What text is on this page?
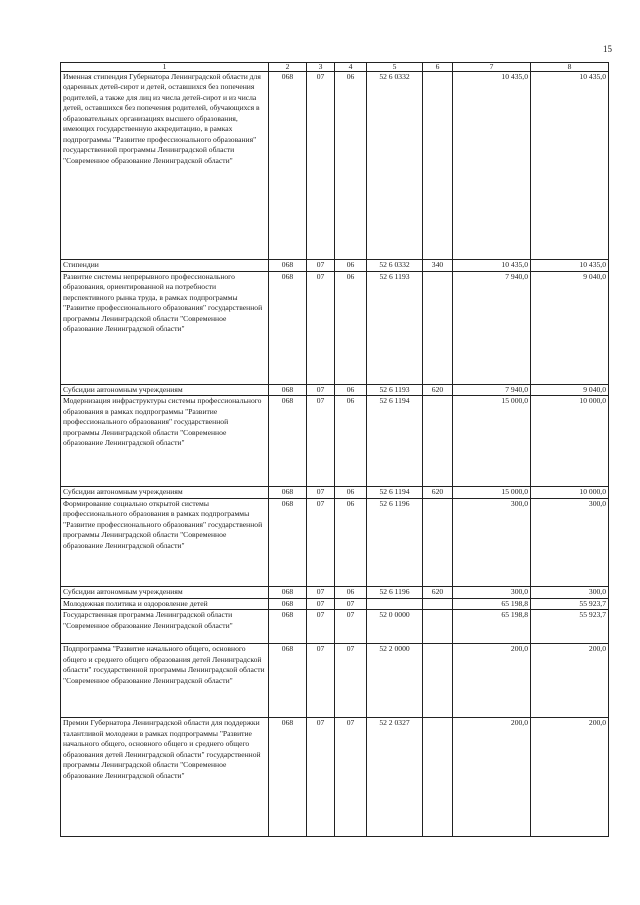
15
1	2	3	4	5	6	7	8
Именная стипендия Губернатора Ленинградской области для одаренных детей-сирот и детей, оставшихся без попечения родителей, а также для лиц из числа детей-сирот и из числа детей, оставшихся без попечения родителей, обучающихся в образовательных организациях высшего образования, имеющих государственную аккредитацию, в рамках подпрограммы "Развитие профессионального образования" государственной программы Ленинградской области "Современное образование Ленинградской области"	068	07	06	52 6 0332		10 435,0	10 435,0
Стипендии	068	07	06	52 6 0332	340	10 435,0	10 435,0
Развитие системы непрерывного профессионального образования, ориентированной на потребности перспективного рынка труда, в рамках подпрограммы "Развитие профессионального образования" государственной программы Ленинградской области "Современное образование Ленинградской области"	068	07	06	52 6 1193		7 940,0	9 040,0
Субсидии автономным учреждениям	068	07	06	52 6 1193	620	7 940,0	9 040,0
Модернизация инфраструктуры системы профессионального образования в рамках подпрограммы "Развитие профессионального образования" государственной программы Ленинградской области "Современное образование Ленинградской области"	068	07	06	52 6 1194		15 000,0	10 000,0
Субсидии автономным учреждениям	068	07	06	52 6 1194	620	15 000,0	10 000,0
Формирование социально открытой системы профессионального образования в рамках подпрограммы "Развитие профессионального образования" государственной программы Ленинградской области "Современное образование Ленинградской области"	068	07	06	52 6 1196		300,0	300,0
Субсидии автономным учреждениям	068	07	06	52 6 1196	620	300,0	300,0
Молодежная политика и оздоровление детей	068	07	07			65 198,8	55 923,7
Государственная программа Ленинградской области "Современное образование Ленинградской области"	068	07	07	52 0 0000		65 198,8	55 923,7
Подпрограмма "Развитие начального общего, основного общего и среднего общего образования детей Ленинградской области" государственной программы Ленинградской области "Современное образование Ленинградской области"	068	07	07	52 2 0000		200,0	200,0
Премии Губернатора Ленинградской области для поддержки талантливой молодежи в рамках подпрограммы "Развитие начального общего, основного общего и среднего общего образования детей Ленинградской области" государственной программы Ленинградской области "Современное образование Ленинградской области"	068	07	07	52 2 0327		200,0	200,0
